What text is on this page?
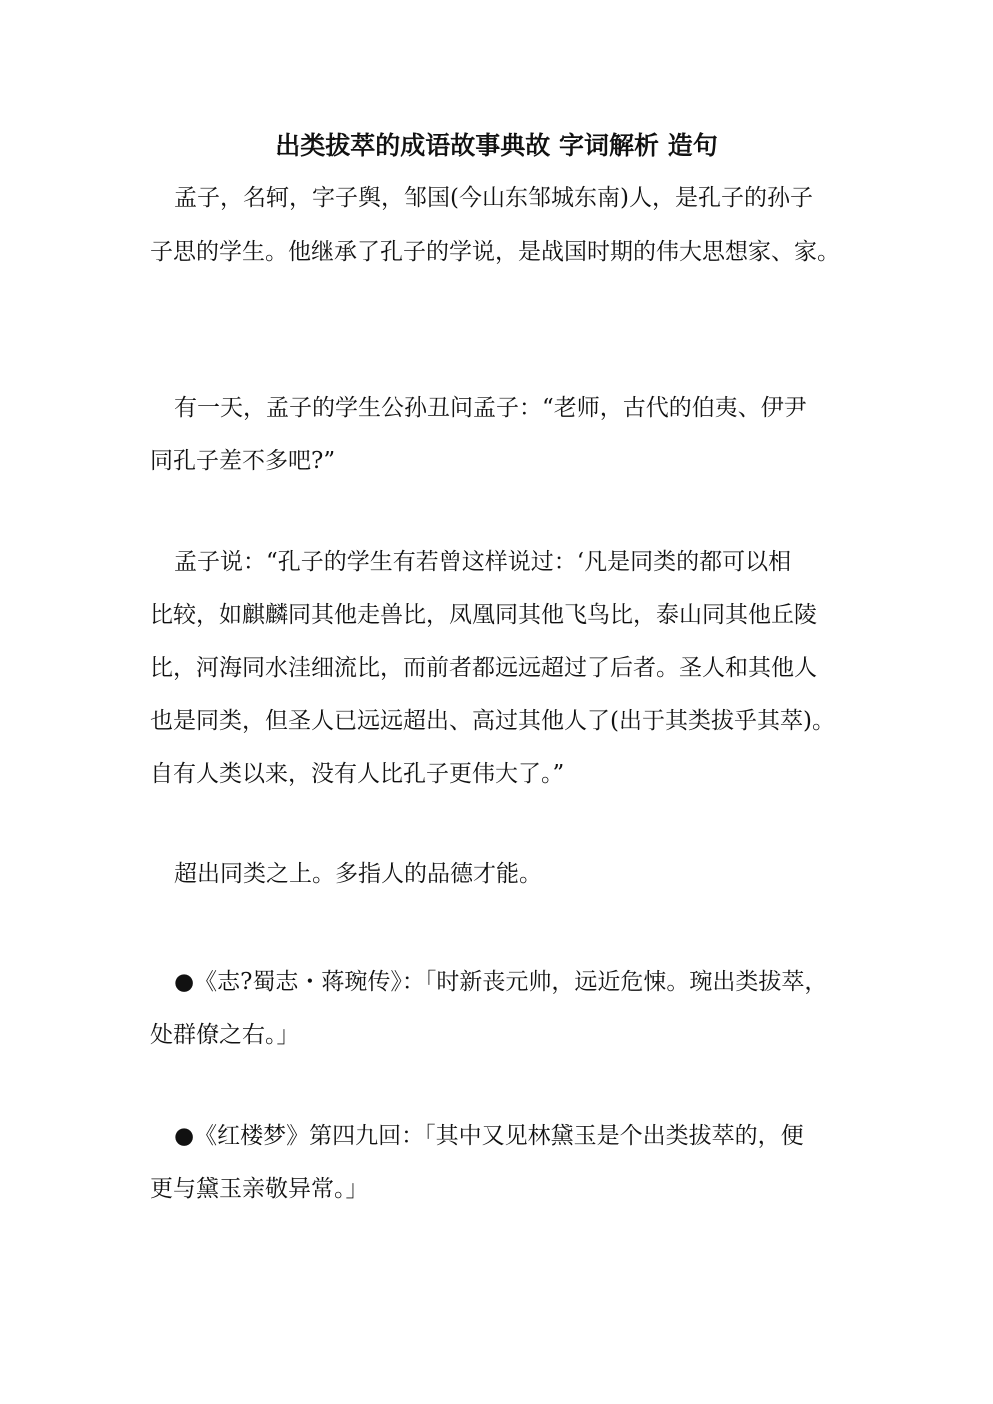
出类拔萃的成语故事典故 字词解析 造句
孟子，名轲，字子舆，邹国(今山东邹城东南)人，是孔子的孙子
子思的学生。他继承了孔子的学说，是战国时期的伟大思想家、家。
有一天，孟子的学生公孙丑问孟子：“老师，古代的伯夷、伊尹
同孔子差不多吧?”
孟子说：“孔子的学生有若曾这样说过：‘凡是同类的都可以相
比较，如麒麟同其他走兽比，凤凰同其他飞鸟比，泰山同其他丘陵
比，河海同水洼细流比，而前者都远远超过了后者。圣人和其他人
也是同类，但圣人已远远超出、高过其他人了(出于其类拔乎其萃)。
自有人类以来，没有人比孔子更伟大了。”
超出同类之上。多指人的品德才能。
●《志?蜀志・蒋琬传》：「时新丧元帅，远近危悚。琬出类拔萃，
处群僚之右。」
●《红楼梦》第四九回：「其中又见林黛玉是个出类拔萃的，便
更与黛玉亲敬异常。」
